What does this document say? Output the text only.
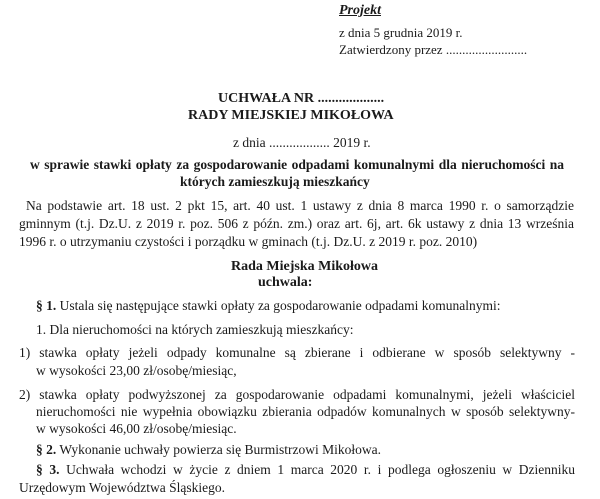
Projekt
z dnia 5 grudnia 2019 r.
Zatwierdzony przez .........................
UCHWAŁA NR ...................
RADY MIEJSKIEJ MIKOŁOWA
z dnia .................. 2019 r.
w sprawie stawki opłaty za gospodarowanie odpadami komunalnymi dla nieruchomości na
których zamieszkują mieszkańcy
Na podstawie art. 18 ust. 2 pkt 15, art. 40 ust. 1 ustawy z dnia 8 marca 1990 r. o samorządzie
gminnym (t.j. Dz.U. z 2019 r. poz. 506 z późn. zm.) oraz art. 6j, art. 6k ustawy z dnia 13 września
1996 r. o utrzymaniu czystości i porządku w gminach (t.j. Dz.U. z 2019 r. poz. 2010)
Rada Miejska Mikołowa
uchwala:
§ 1. Ustala się następujące stawki opłaty za gospodarowanie odpadami komunalnymi:
1. Dla nieruchomości na których zamieszkują mieszkańcy:
1) stawka opłaty jeżeli odpady komunalne są zbierane i odbierane w sposób selektywny -
w wysokości 23,00 zł/osobę/miesiąc,
2) stawka opłaty podwyższonej za gospodarowanie odpadami komunalnymi, jeżeli właściciel
nieruchomości nie wypełnia obowiązku zbierania odpadów komunalnych w sposób selektywny-
w wysokości 46,00 zł/osobę/miesiąc.
§ 2. Wykonanie uchwały powierza się Burmistrzowi Mikołowa.
§ 3. Uchwała wchodzi w życie z dniem 1 marca 2020 r. i podlega ogłoszeniu w Dzienniku
Urzędowym Województwa Śląskiego.
